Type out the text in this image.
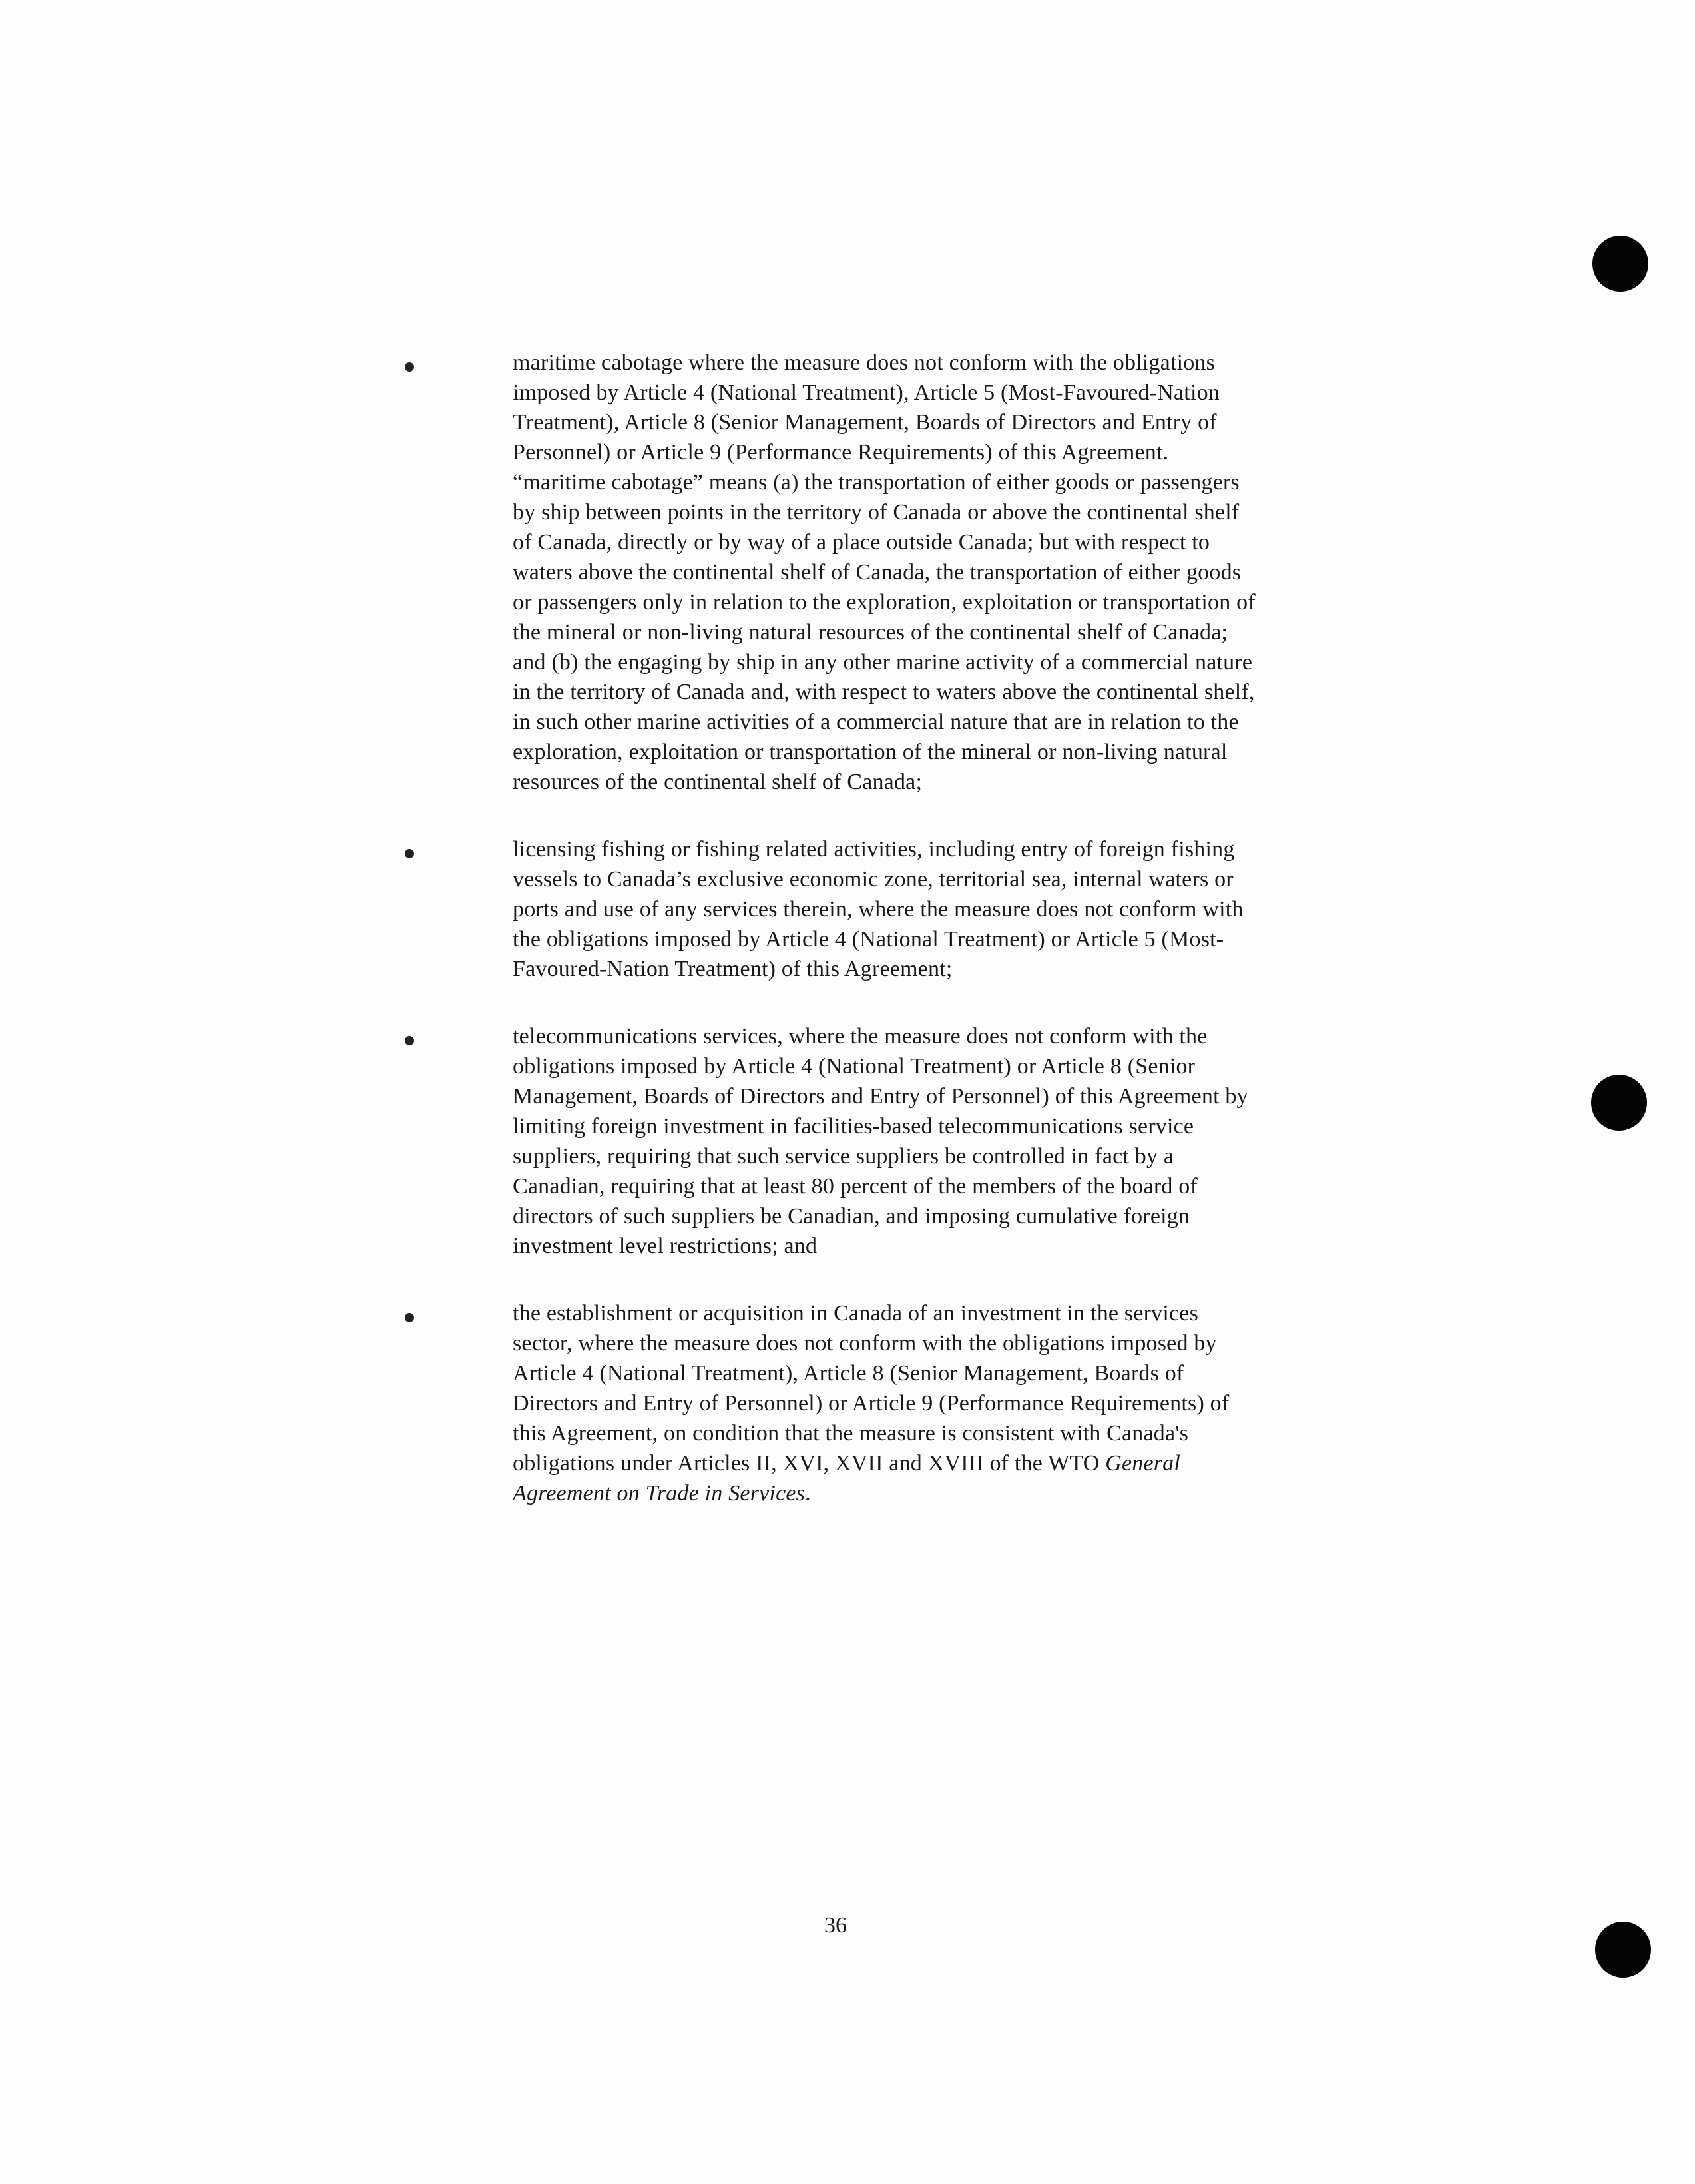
maritime cabotage where the measure does not conform with the obligations
imposed by Article 4 (National Treatment), Article 5 (Most-Favoured-Nation
Treatment), Article 8 (Senior Management, Boards of Directors and Entry of
Personnel) or Article 9 (Performance Requirements) of this Agreement.
“maritime cabotage” means (a) the transportation of either goods or passengers
by ship between points in the territory of Canada or above the continental shelf
of Canada, directly or by way of a place outside Canada; but with respect to
waters above the continental shelf of Canada, the transportation of either goods
or passengers only in relation to the exploration, exploitation or transportation of
the mineral or non-living natural resources of the continental shelf of Canada;
and (b) the engaging by ship in any other marine activity of a commercial nature
in the territory of Canada and, with respect to waters above the continental shelf,
in such other marine activities of a commercial nature that are in relation to the
exploration, exploitation or transportation of the mineral or non-living natural
resources of the continental shelf of Canada;

licensing fishing or fishing related activities, including entry of foreign fishing
vessels to Canada’s exclusive economic zone, territorial sea, internal waters or
ports and use of any services therein, where the measure does not conform with
the obligations imposed by Article 4 (National Treatment) or Article 5 (Most-
Favoured-Nation Treatment) of this Agreement;

telecommunications services, where the measure does not conform with the
obligations imposed by Article 4 (National Treatment) or Article 8 (Senior
Management, Boards of Directors and Entry of Personnel) of this Agreement by
limiting foreign investment in facilities-based telecommunications service
suppliers, requiring that such service suppliers be controlled in fact by a
Canadian, requiring that at least 80 percent of the members of the board of
directors of such suppliers be Canadian, and imposing cumulative foreign
investment level restrictions; and

the establishment or acquisition in Canada of an investment in the services
sector, where the measure does not conform with the obligations imposed by
Article 4 (National Treatment), Article 8 (Senior Management, Boards of
Directors and Entry of Personnel) or Article 9 (Performance Requirements) of
this Agreement, on condition that the measure is consistent with Canada's
obligations under Articles II, XVI, XVII and XVIII of the WTO General
Agreement on Trade in Services.

36
